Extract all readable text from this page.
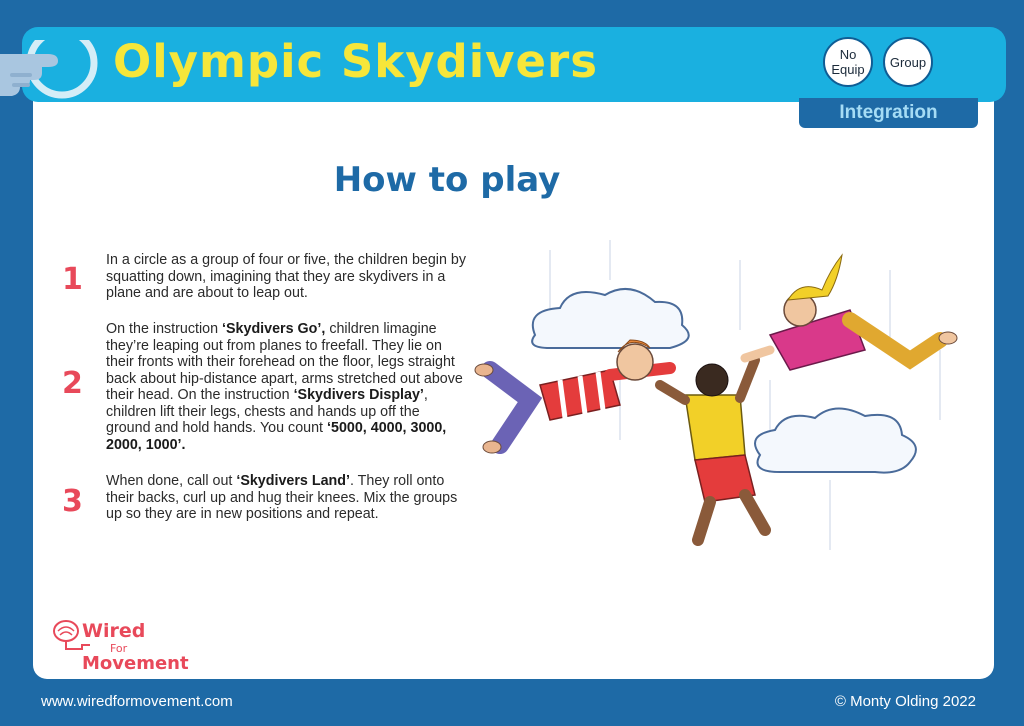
Olympic Skydivers	No Equip	Group
Integration
How to play
1
In a circle as a group of four or five, the children begin by squatting down, imagining that they are skydivers in a plane and are about to leap out.
2
On the instruction ‘Skydivers Go’, children limagine they’re leaping out from planes to freefall. They lie on their fronts with their forehead on the floor, legs straight back about hip-distance apart, arms stretched out above their head. On the instruction ‘Skydivers Display’, children lift their legs, chests and hands up off the ground and hold hands. You count ‘5000, 4000, 3000, 2000, 1000’.
3
When done, call out ‘Skydivers Land’. They roll onto their backs, curl up and hug their knees. Mix the groups up so they are in new positions and repeat.
Wired
For
Movement
www.wiredformovement.com	© Monty Olding 2022
